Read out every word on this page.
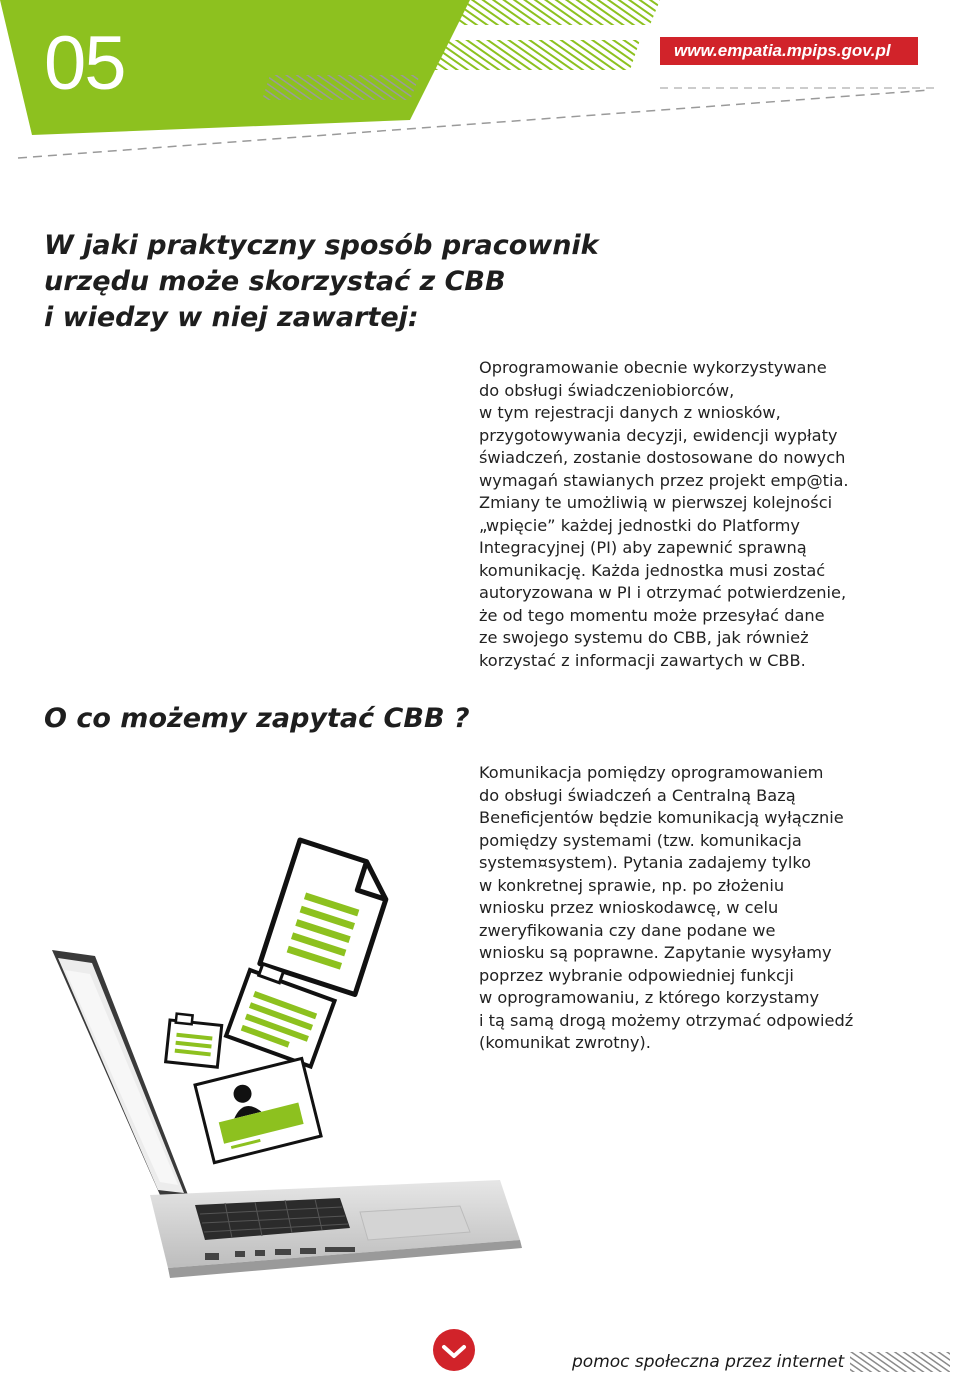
05	www.empatia.mpips.gov.pl
W jaki praktyczny sposób pracownik
urzędu może skorzystać z CBB
i wiedzy w niej zawartej:
Oprogramowanie obecnie wykorzystywane
do obsługi świadczeniobiorców,
w tym rejestracji danych z wniosków,
przygotowywania decyzji, ewidencji wypłaty
świadczeń, zostanie dostosowane do nowych
wymagań stawianych przez projekt emp@tia.
Zmiany te umożliwią w pierwszej kolejności
„wpięcie” każdej jednostki do Platformy
Integracyjnej (PI) aby zapewnić sprawną
komunikację. Każda jednostka musi zostać
autoryzowana w PI i otrzymać potwierdzenie,
że od tego momentu może przesyłać dane
ze swojego systemu do CBB, jak również
korzystać z informacji zawartych w CBB.
O co możemy zapytać CBB ?
Komunikacja pomiędzy oprogramowaniem
do obsługi świadczeń a Centralną Bazą
Beneficjentów będzie komunikacją wyłącznie
pomiędzy systemami (tzw. komunikacja
system¤system). Pytania zadajemy tylko
w konkretnej sprawie, np. po złożeniu
wniosku przez wnioskodawcę, w celu
zweryfikowania czy dane podane we
wniosku są poprawne. Zapytanie wysyłamy
poprzez wybranie odpowiedniej funkcji
w oprogramowaniu, z którego korzystamy
i tą samą drogą możemy otrzymać odpowiedź
(komunikat zwrotny).
pomoc społeczna przez internet
